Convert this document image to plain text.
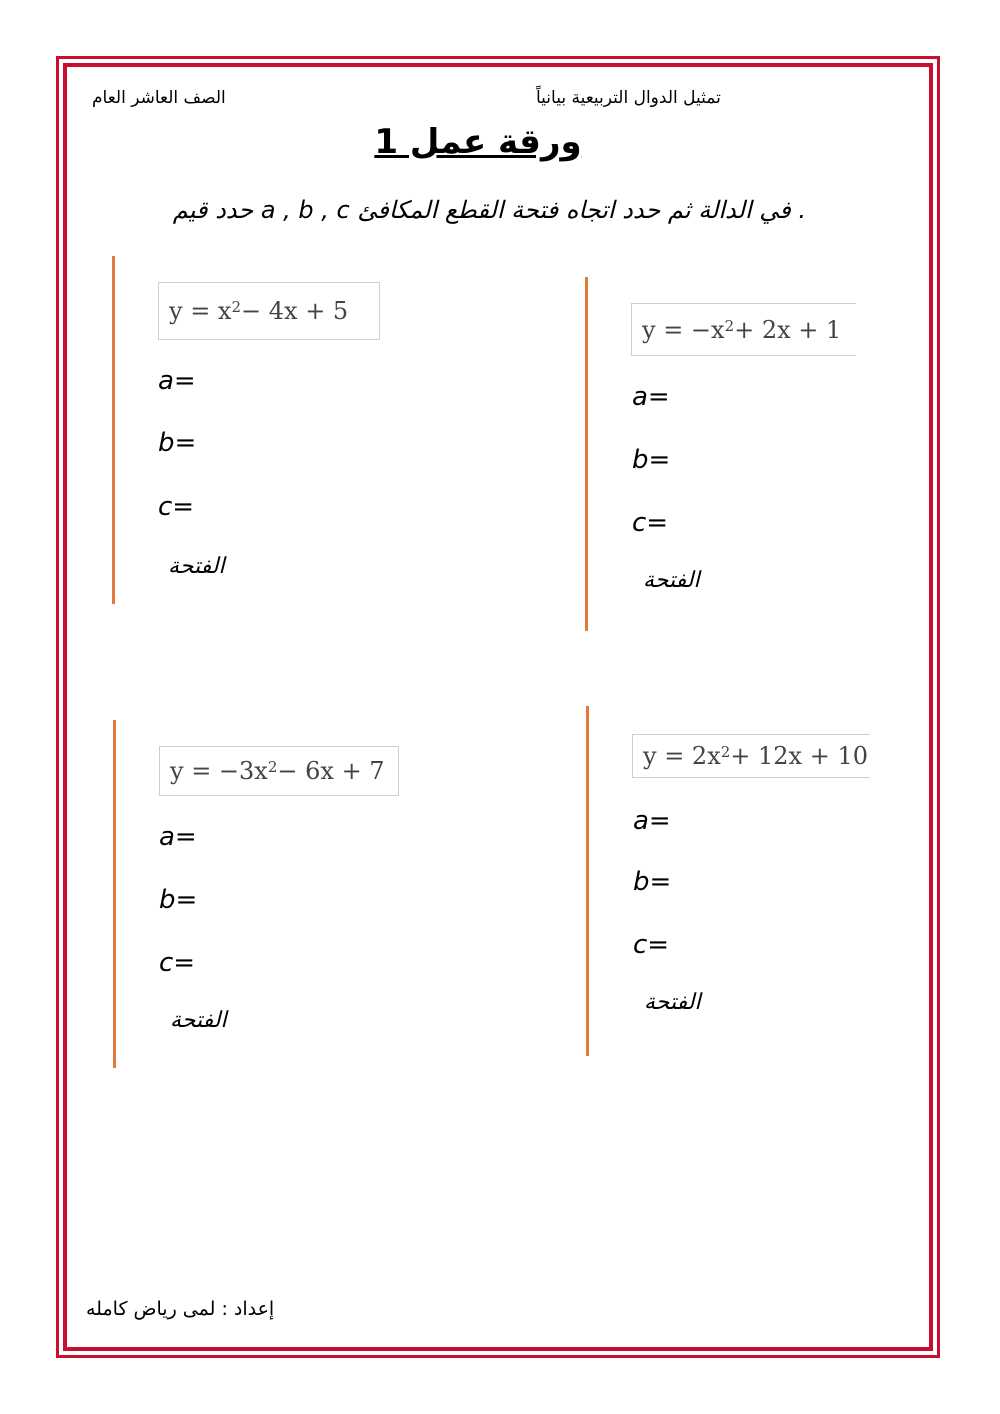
الصف العاشر العام	تمثيل الدوال التربيعية بيانياً
ورقة عمل 1
حدد قيم a , b , c في الدالة ثم حدد اتجاه فتحة القطع المكافئ .
$y = x^2 - 4x + 5$
a=
b=
c=
الفتحة
$y = -x^2 + 2x + 1$
a=
b=
c=
الفتحة
$y = -3x^2 - 6x + 7$
a=
b=
c=
الفتحة
$y = 2x^2 + 12x + 10$
a=
b=
c=
الفتحة
إعداد : لمى رياض كامله
